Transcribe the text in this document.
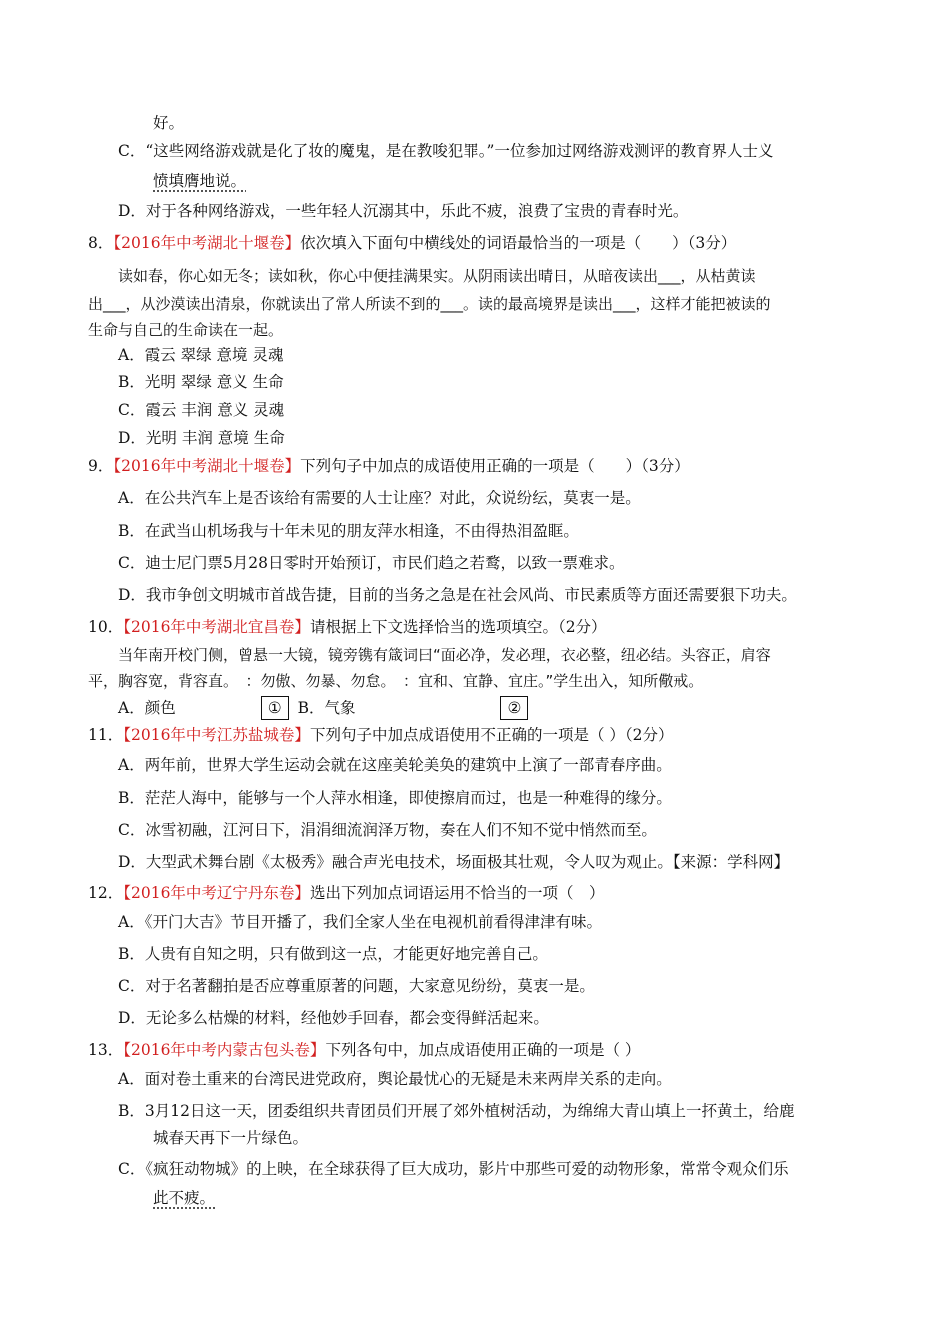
好。
C．“这些网络游戏就是化了妆的魔鬼，是在教唆犯罪。”一位参加过网络游戏测评的教育界人士义
愤填膺地说。
D．对于各种网络游戏，一些年轻人沉溺其中，乐此不疲，浪费了宝贵的青春时光。
8．【2016年中考湖北十堰卷】依次填入下面句中横线处的词语最恰当的一项是（　　）（3分）
读如春，你心如无冬；读如秋，你心中便挂满果实。从阴雨读出晴日，从暗夜读出___，从枯黄读
出___，从沙漠读出清泉，你就读出了常人所读不到的___。读的最高境界是读出___，这样才能把被读的
生命与自己的生命读在一起。
A．霞云 翠绿 意境 灵魂
B．光明 翠绿 意义 生命
C．霞云 丰润 意义 灵魂
D．光明 丰润 意境 生命
9．【2016年中考湖北十堰卷】下列句子中加点的成语使用正确的一项是（　　）（3分）
A．在公共汽车上是否该给有需要的人士让座？对此，众说纷纭，莫衷一是。
B．在武当山机场我与十年未见的朋友萍水相逢，不由得热泪盈眶。
C．迪士尼门票5月28日零时开始预订，市民们趋之若鹜，以致一票难求。
D．我市争创文明城市首战告捷，目前的当务之急是在社会风尚、市民素质等方面还需要狠下功夫。
10．【2016年中考湖北宜昌卷】请根据上下文选择恰当的选项填空。（2分）
当年南开校门侧，曾悬一大镜，镜旁镌有箴词曰“面必净，发必理，衣必整，纽必结。头容正，肩容
平，胸容宽，背容直。　：勿傲、勿暴、勿怠。　：宜和、宜静、宜庄。”学生出入，知所儆戒。
A．颜色	① B．气象	②
11．【2016年中考江苏盐城卷】下列句子中加点成语使用不正确的一项是（ ）（2分）
A．两年前，世界大学生运动会就在这座美轮美奂的建筑中上演了一部青春序曲。
B．茫茫人海中，能够与一个人萍水相逢，即使擦肩而过，也是一种难得的缘分。
C．冰雪初融，江河日下，涓涓细流润泽万物，奏在人们不知不觉中悄然而至。
D．大型武术舞台剧《太极秀》融合声光电技术，场面极其壮观，令人叹为观止。【来源：学科网】
12．【2016年中考辽宁丹东卷】选出下列加点词语运用不恰当的一项（　）
A．《开门大吉》节目开播了，我们全家人坐在电视机前看得津津有味。
B．人贵有自知之明，只有做到这一点，才能更好地完善自己。
C．对于名著翻拍是否应尊重原著的问题，大家意见纷纷，莫衷一是。
D．无论多么枯燥的材料，经他妙手回春，都会变得鲜活起来。
13．【2016年中考内蒙古包头卷】下列各句中，加点成语使用正确的一项是（ ）
A．面对卷土重来的台湾民进党政府，舆论最忧心的无疑是未来两岸关系的走向。
B．3月12日这一天，团委组织共青团员们开展了郊外植树活动，为绵绵大青山填上一抔黄土，给鹿
城春天再下一片绿色。
C．《疯狂动物城》的上映，在全球获得了巨大成功，影片中那些可爱的动物形象，常常令观众们乐
此不疲。
